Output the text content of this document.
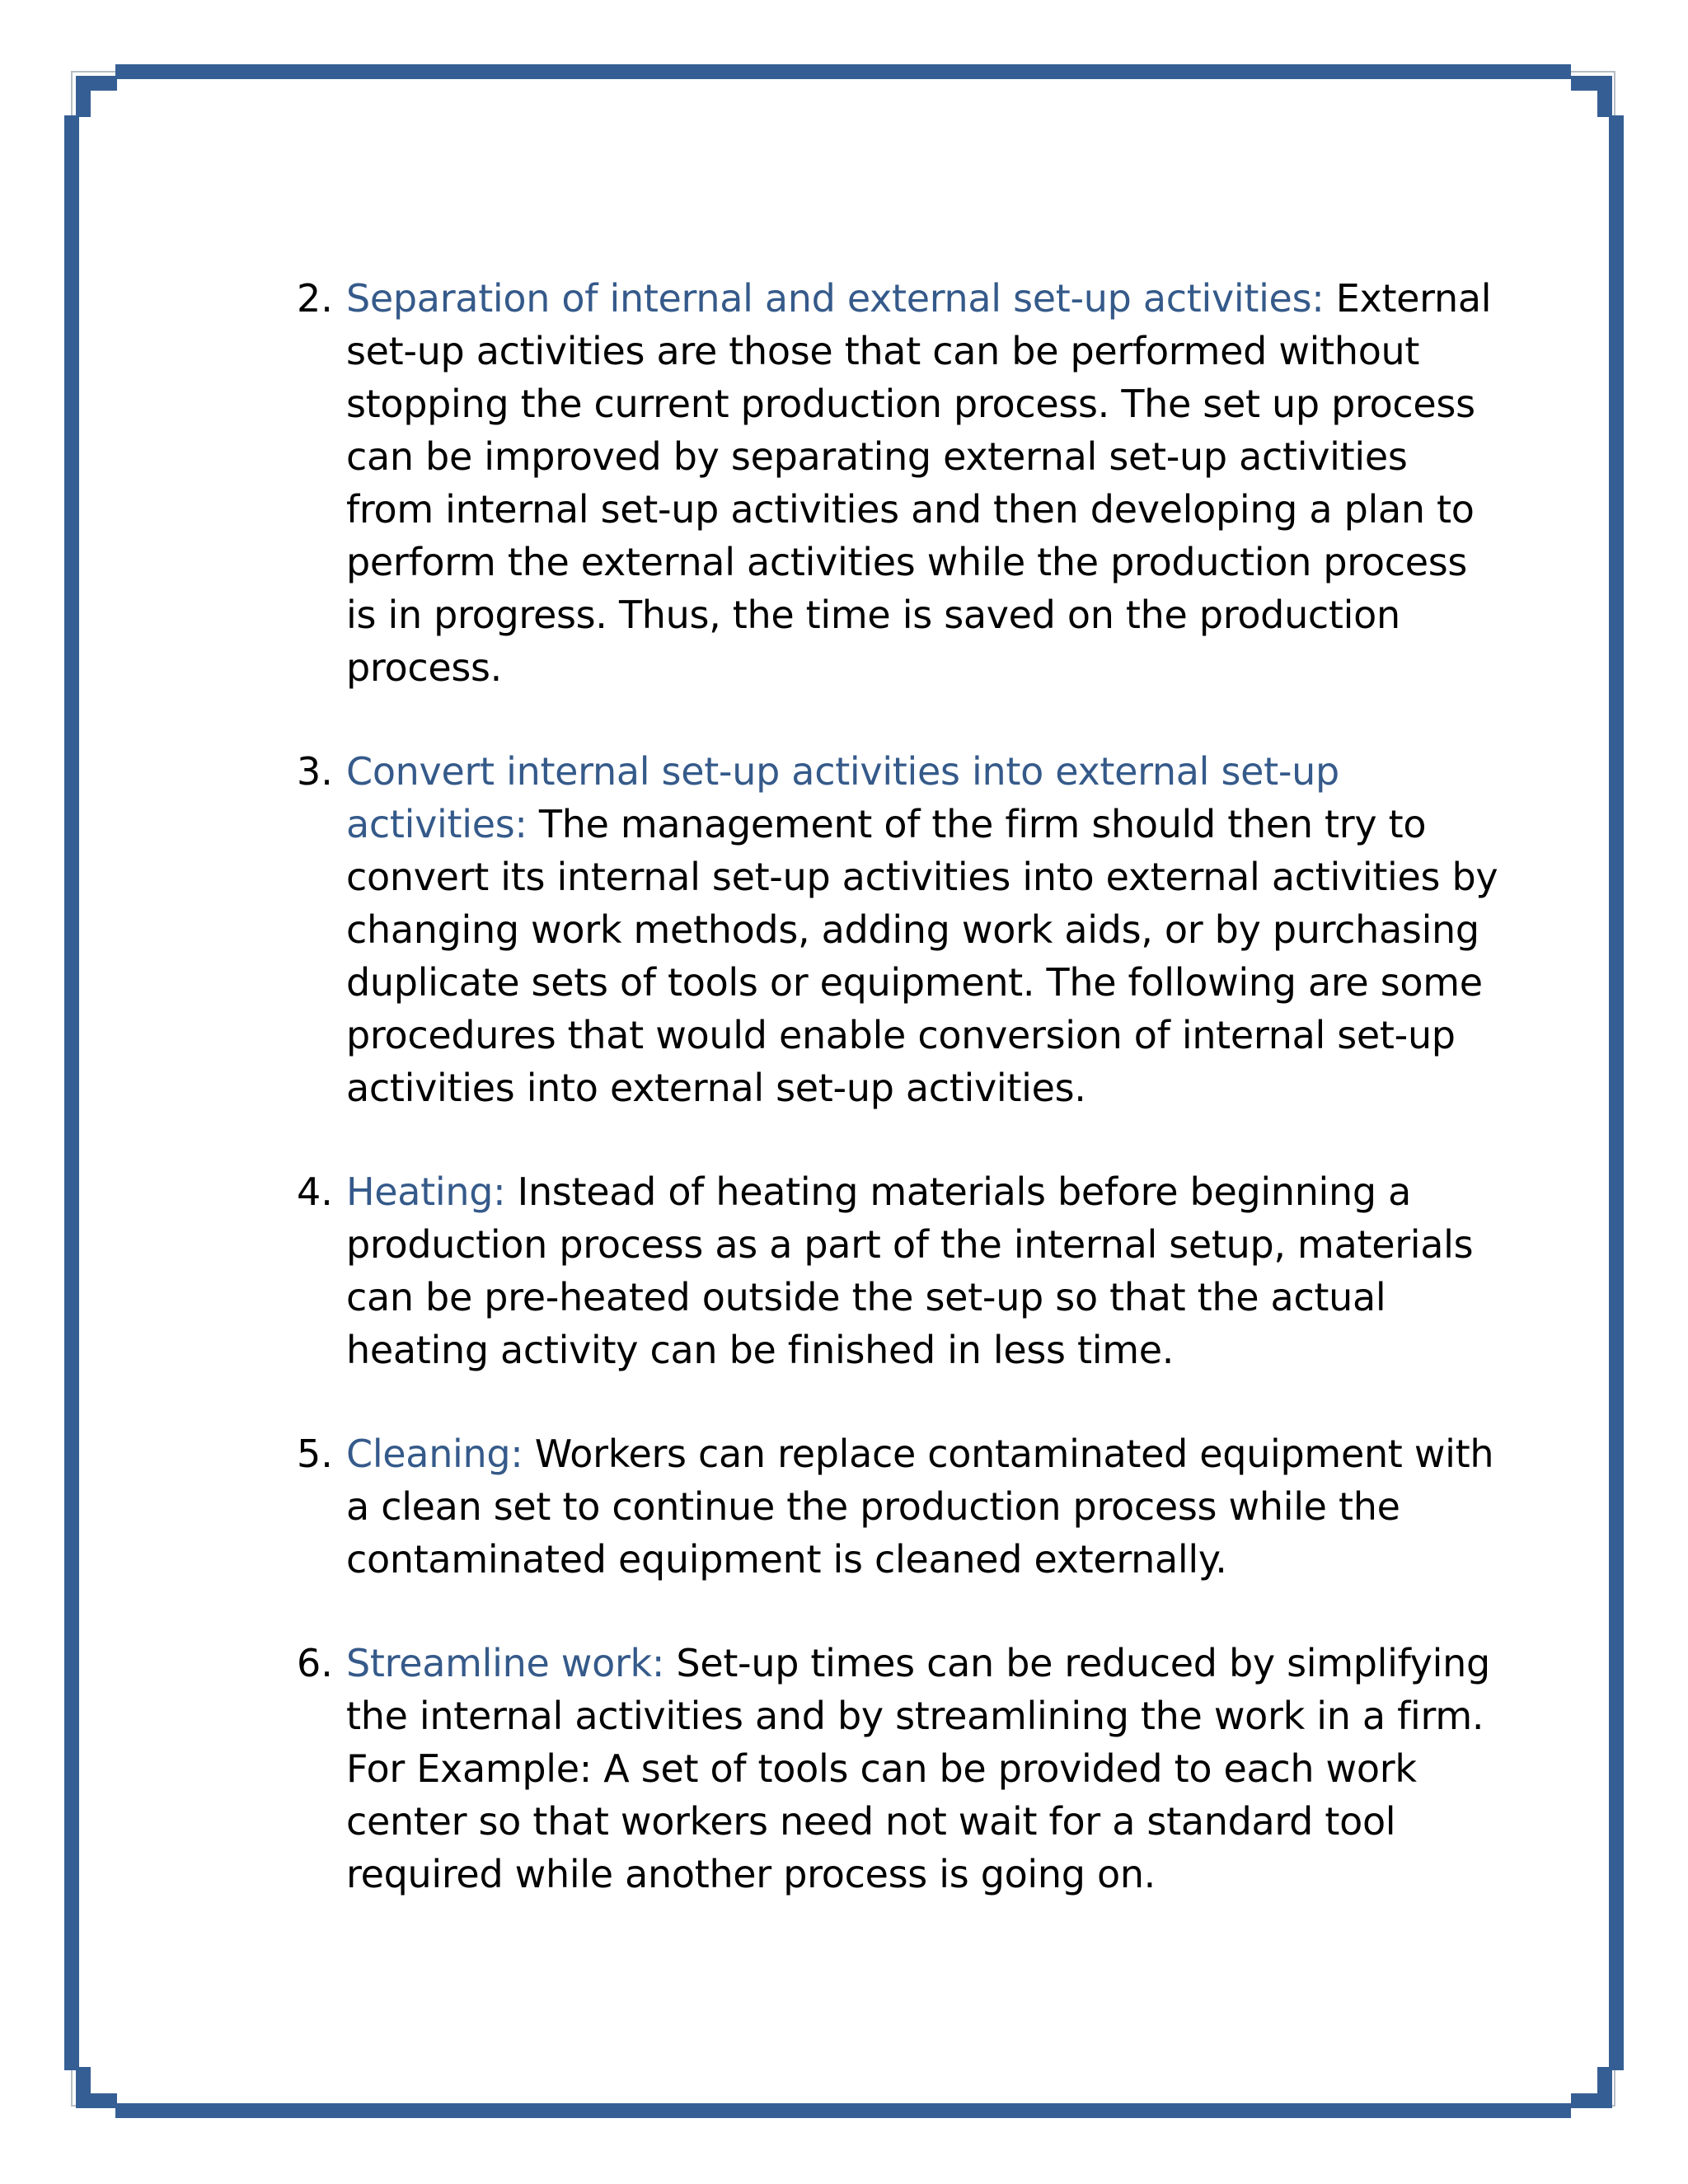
2. Separation of internal and external set-up activities: External set-up activities are those that can be performed without stopping the current production process. The set up process can be improved by separating external set-up activities from internal set-up activities and then developing a plan to perform the external activities while the production process is in progress. Thus, the time is saved on the production process.
3. Convert internal set-up activities into external set-up activities: The management of the firm should then try to convert its internal set-up activities into external activities by changing work methods, adding work aids, or by purchasing duplicate sets of tools or equipment. The following are some procedures that would enable conversion of internal set-up activities into external set-up activities.
4. Heating: Instead of heating materials before beginning a production process as a part of the internal setup, materials can be pre-heated outside the set-up so that the actual heating activity can be finished in less time.
5. Cleaning: Workers can replace contaminated equipment with a clean set to continue the production process while the contaminated equipment is cleaned externally.
6. Streamline work: Set-up times can be reduced by simplifying the internal activities and by streamlining the work in a firm. For Example: A set of tools can be provided to each work center so that workers need not wait for a standard tool required while another process is going on.
